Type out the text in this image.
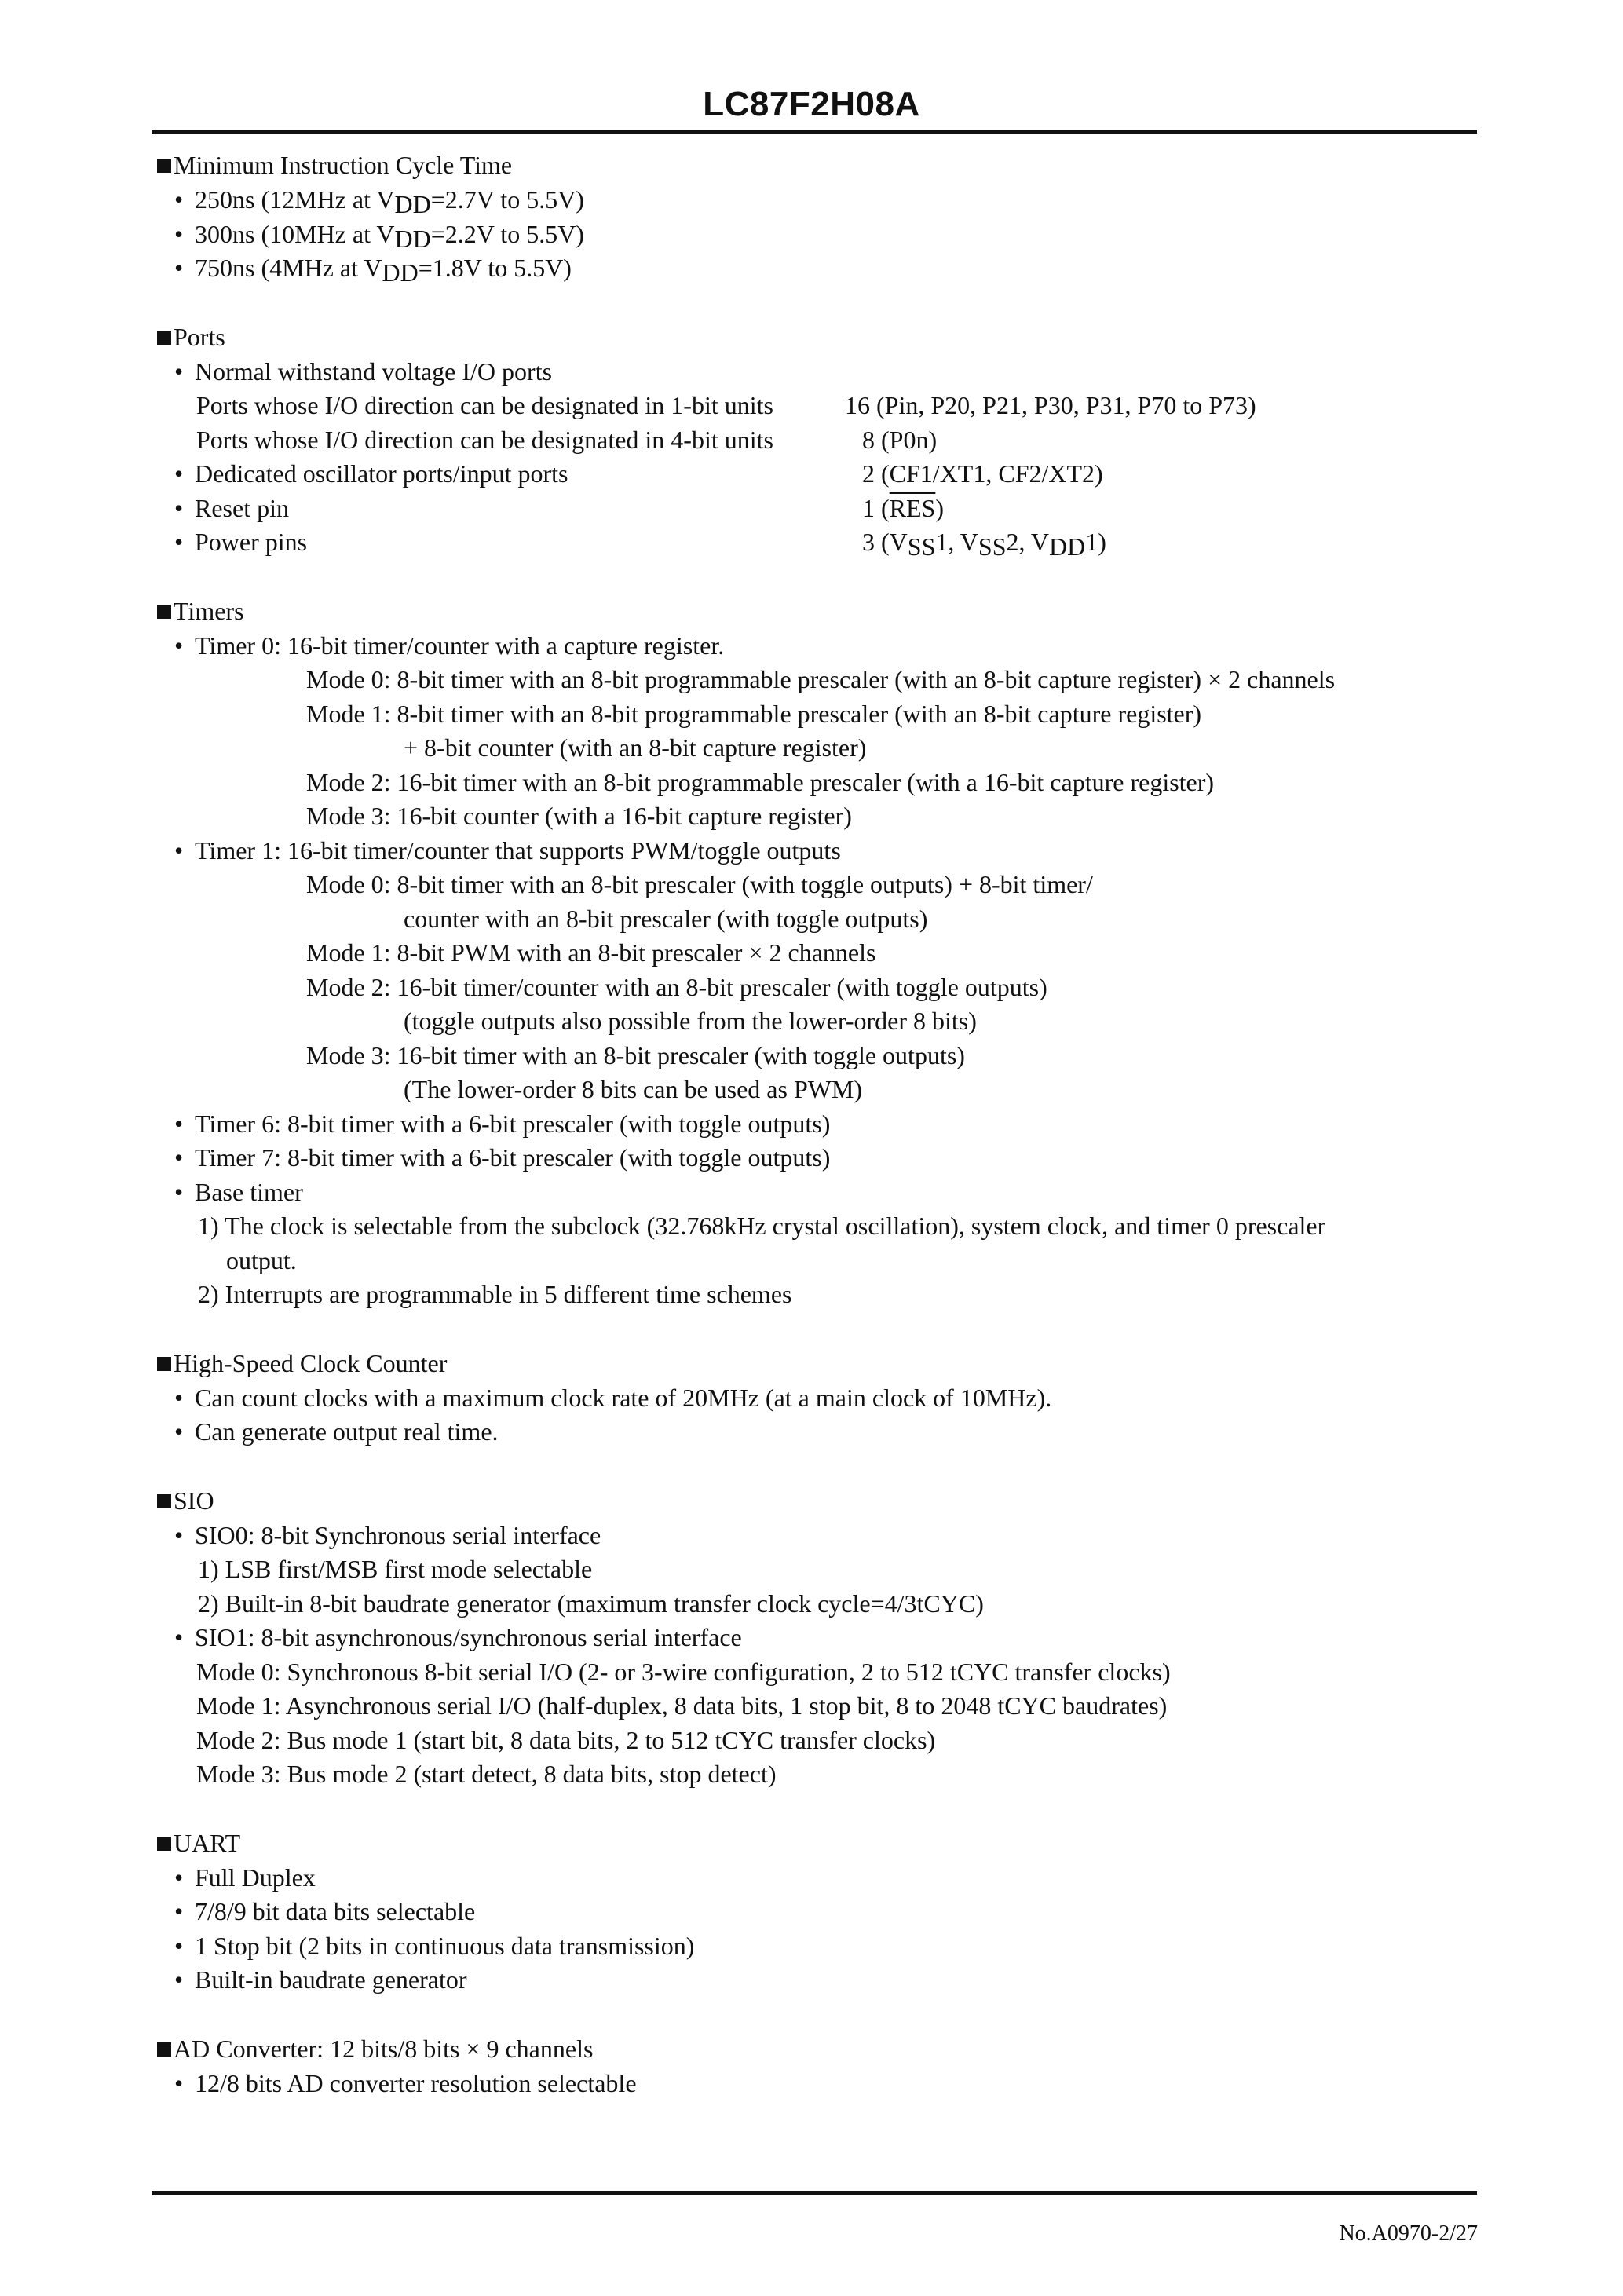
LC87F2H08A
Minimum Instruction Cycle Time
• 250ns (12MHz at $V_{DD}=2.7V$ to 5.5V)
• 300ns (10MHz at $V_{DD}=2.2V$ to 5.5V)
• 750ns (4MHz at $V_{DD}=1.8V$ to 5.5V)
Ports
• Normal withstand voltage I/O ports
Ports whose I/O direction can be designated in 1-bit units	16 (Pin, P20, P21, P30, P31, P70 to P73)
Ports whose I/O direction can be designated in 4-bit units	8 (P0n)
• Dedicated oscillator ports/input ports	2 (CF1/XT1, CF2/XT2)
• Reset pin	1 $(\overline{RES})$
• Power pins	3 ($V_{SS}1$, $V_{SS}2$, $V_{DD}1$)
Timers
• Timer 0: 16-bit timer/counter with a capture register.
Mode 0: 8-bit timer with an 8-bit programmable prescaler (with an 8-bit capture register) × 2 channels
Mode 1: 8-bit timer with an 8-bit programmable prescaler (with an 8-bit capture register)
+ 8-bit counter (with an 8-bit capture register)
Mode 2: 16-bit timer with an 8-bit programmable prescaler (with a 16-bit capture register)
Mode 3: 16-bit counter (with a 16-bit capture register)
• Timer 1: 16-bit timer/counter that supports PWM/toggle outputs
Mode 0: 8-bit timer with an 8-bit prescaler (with toggle outputs) + 8-bit timer/
counter with an 8-bit prescaler (with toggle outputs)
Mode 1: 8-bit PWM with an 8-bit prescaler × 2 channels
Mode 2: 16-bit timer/counter with an 8-bit prescaler (with toggle outputs)
(toggle outputs also possible from the lower-order 8 bits)
Mode 3: 16-bit timer with an 8-bit prescaler (with toggle outputs)
(The lower-order 8 bits can be used as PWM)
• Timer 6: 8-bit timer with a 6-bit prescaler (with toggle outputs)
• Timer 7: 8-bit timer with a 6-bit prescaler (with toggle outputs)
• Base timer
1) The clock is selectable from the subclock (32.768kHz crystal oscillation), system clock, and timer 0 prescaler
output.
2) Interrupts are programmable in 5 different time schemes
High-Speed Clock Counter
• Can count clocks with a maximum clock rate of 20MHz (at a main clock of 10MHz).
• Can generate output real time.
SIO
• SIO0: 8-bit Synchronous serial interface
1) LSB first/MSB first mode selectable
2) Built-in 8-bit baudrate generator (maximum transfer clock cycle=4/3tCYC)
• SIO1: 8-bit asynchronous/synchronous serial interface
Mode 0: Synchronous 8-bit serial I/O (2- or 3-wire configuration, 2 to 512 tCYC transfer clocks)
Mode 1: Asynchronous serial I/O (half-duplex, 8 data bits, 1 stop bit, 8 to 2048 tCYC baudrates)
Mode 2: Bus mode 1 (start bit, 8 data bits, 2 to 512 tCYC transfer clocks)
Mode 3: Bus mode 2 (start detect, 8 data bits, stop detect)
UART
• Full Duplex
• 7/8/9 bit data bits selectable
• 1 Stop bit (2 bits in continuous data transmission)
• Built-in baudrate generator
AD Converter: 12 bits/8 bits × 9 channels
• 12/8 bits AD converter resolution selectable
No.A0970-2/27
